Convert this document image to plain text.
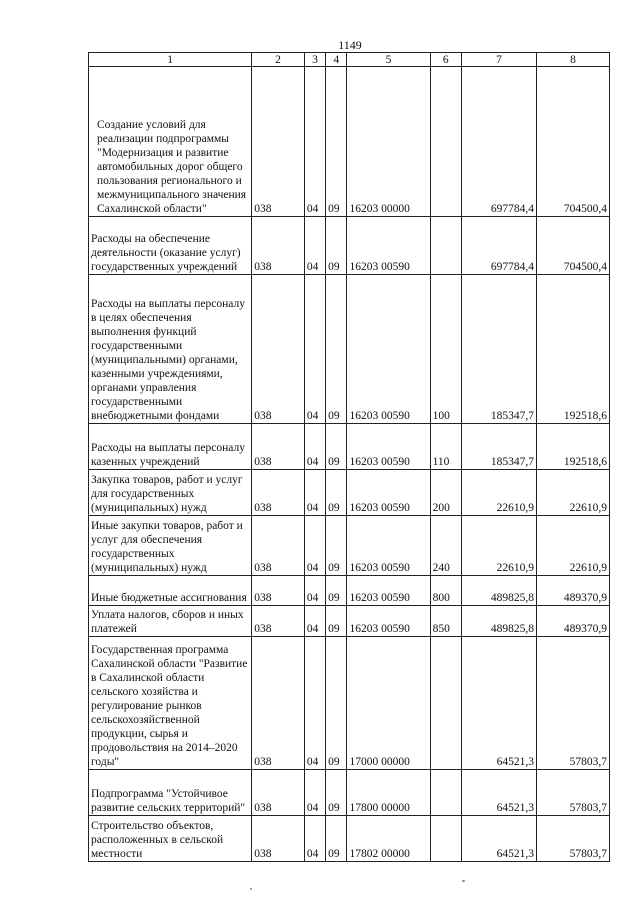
1149
1	2	3	4	5	6	7	8
Создание условий для реализации подпрограммы "Модернизация и развитие автомобильных дорог общего пользования регионального и межмуниципального значения Сахалинской области"	038	04	09	16203 00000		697784,4	704500,4
Расходы на обеспечение деятельности (оказание услуг) государственных учреждений	038	04	09	16203 00590		697784,4	704500,4
Расходы на выплаты персоналу в целях обеспечения выполнения функций государственными (муниципальными) органами, казенными учреждениями, органами управления государственными внебюджетными фондами	038	04	09	16203 00590	100	185347,7	192518,6
Расходы на выплаты персоналу казенных учреждений	038	04	09	16203 00590	110	185347,7	192518,6
Закупка товаров, работ и услуг для государственных (муниципальных) нужд	038	04	09	16203 00590	200	22610,9	22610,9
Иные закупки товаров, работ и услуг для обеспечения государственных (муниципальных) нужд	038	04	09	16203 00590	240	22610,9	22610,9
Иные бюджетные ассигнования	038	04	09	16203 00590	800	489825,8	489370,9
Уплата налогов, сборов и иных платежей	038	04	09	16203 00590	850	489825,8	489370,9
Государственная программа Сахалинской области "Развитие в Сахалинской области сельского хозяйства и регулирование рынков сельскохозяйственной продукции, сырья и продовольствия на 2014–2020 годы"	038	04	09	17000 00000		64521,3	57803,7
Подпрограмма "Устойчивое развитие сельских территорий"	038	04	09	17800 00000		64521,3	57803,7
Строительство объектов, расположенных в сельской местности	038	04	09	17802 00000		64521,3	57803,7
